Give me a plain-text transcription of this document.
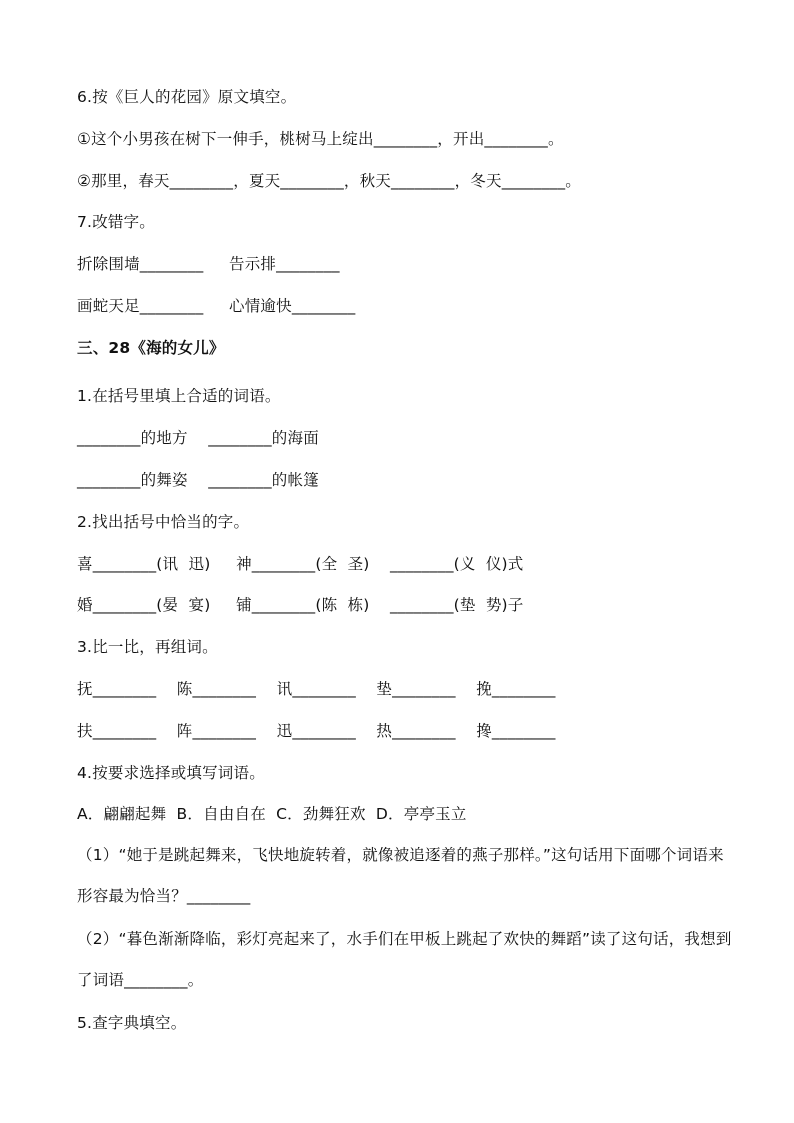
6.按《巨人的花园》原文填空。
①这个小男孩在树下一伸手，桃树马上绽出________，开出________。
②那里，春天________，夏天________，秋天________，冬天________。
7.改错字。
折除围墙________     告示排________
画蛇天足________     心情逾快________
三、28《海的女儿》
1.在括号里填上合适的词语。
________的地方    ________的海面
________的舞姿    ________的帐篷
2.找出括号中恰当的字。
喜________(讯  迅)     神________(全  圣)    ________(义  仪)式
婚________(晏  宴)     铺________(陈  栋)    ________(垫  势)子
3.比一比，再组词。
抚________    陈________    讯________    垫________    挽________
扶________    阵________    迅________    热________    搀________
4.按要求选择或填写词语。
A．翩翩起舞  B．自由自在  C．劲舞狂欢  D．亭亭玉立
（1）“她于是跳起舞来，飞快地旋转着，就像被追逐着的燕子那样。”这句话用下面哪个词语来形容最为恰当？________
（2）“暮色渐渐降临，彩灯亮起来了，水手们在甲板上跳起了欢快的舞蹈”读了这句话，我想到了词语________。
5.查字典填空。
